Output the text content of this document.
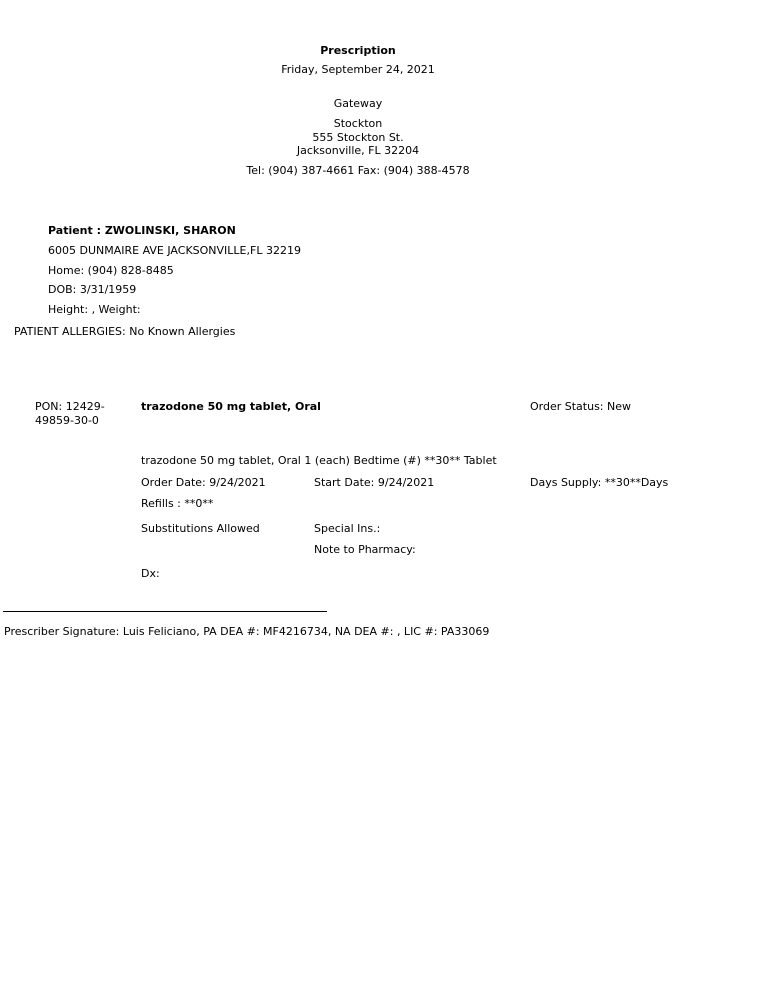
Prescription
Friday, September 24, 2021
Gateway
Stockton
555 Stockton St.
Jacksonville, FL 32204
Tel: (904) 387-4661 Fax: (904) 388-4578
Patient : ZWOLINSKI, SHARON
6005 DUNMAIRE AVE JACKSONVILLE,FL 32219
Home: (904) 828-8485
DOB: 3/31/1959
Height: , Weight:
PATIENT ALLERGIES: No Known Allergies
PON: 12429-49859-30-0
trazodone 50 mg tablet, Oral	Order Status: New
trazodone 50 mg tablet, Oral 1 (each) Bedtime (#) **30** Tablet
Order Date: 9/24/2021	Start Date: 9/24/2021	Days Supply: **30**Days
Refills : **0**
Substitutions Allowed	Special Ins.:
Note to Pharmacy:
Dx:
Prescriber Signature: Luis Feliciano, PA DEA #: MF4216734, NA DEA #: , LIC #: PA33069
